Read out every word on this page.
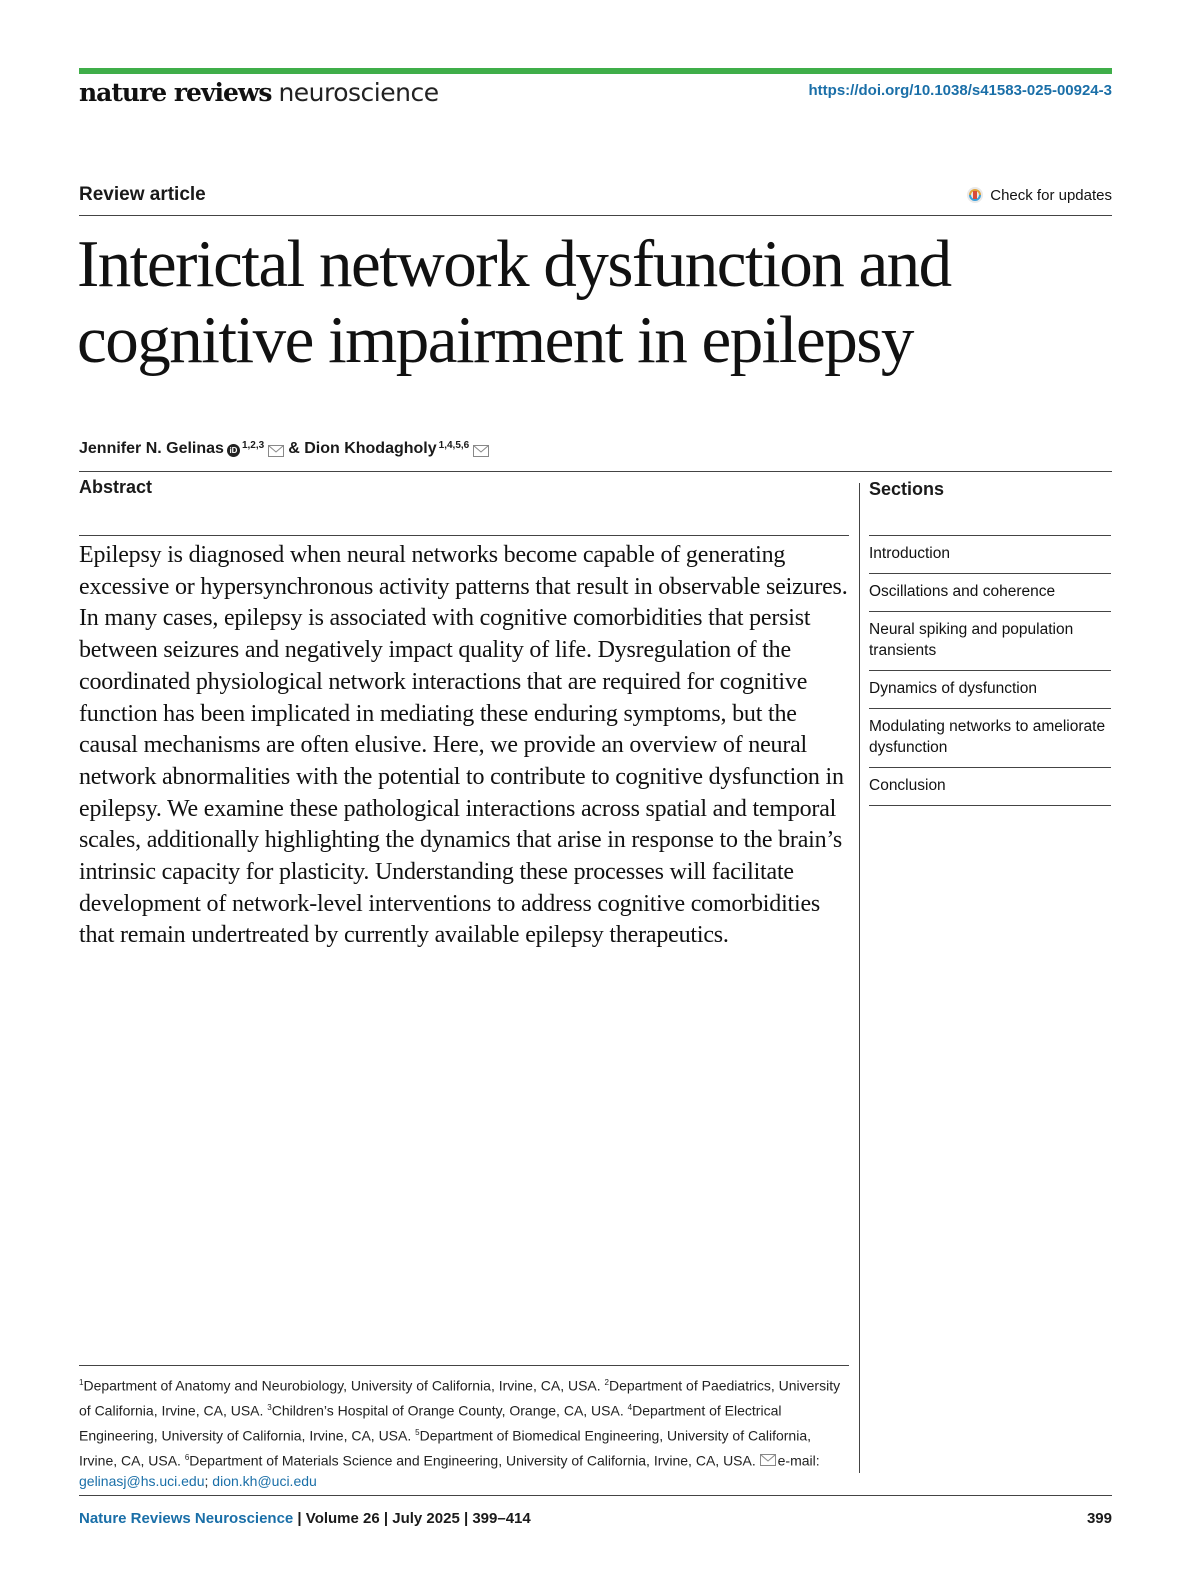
nature reviews neuroscience	https://doi.org/10.1038/s41583-025-00924-3
Review article	Check for updates
Interictal network dysfunction and cognitive impairment in epilepsy
Jennifer N. Gelinas iD $^{1,2,3}$ &
Dion Khodagholy$^{1,4,5,6}$
Abstract
Epilepsy is diagnosed when neural networks become capable of generating excessive or hypersynchronous activity patterns that result in observable seizures. In many cases, epilepsy is associated with cognitive comorbidities that persist between seizures and negatively impact quality of life. Dysregulation of the coordinated physiological network interactions that are required for cognitive function has been implicated in mediating these enduring symptoms, but the causal mechanisms are often elusive. Here, we provide an overview of neural network abnormalities with the potential to contribute to cognitive dysfunction in epilepsy. We examine these pathological interactions across spatial and temporal scales, additionally highlighting the dynamics that arise in response to the brain’s intrinsic capacity for plasticity. Understanding these processes will facilitate development of network-level interventions to address cognitive comorbidities that remain undertreated by currently available epilepsy therapeutics.
Sections
Introduction
Oscillations and coherence
Neural spiking and population transients
Dynamics of dysfunction
Modulating networks to ameliorate dysfunction
Conclusion
$^1$Department of Anatomy and Neurobiology, University of California, Irvine, CA, USA. $^2$Department of Paediatrics, University of California, Irvine, CA, USA. $^3$Children’s Hospital of Orange County, Orange, CA, USA. $^4$Department of Electrical Engineering, University of California, Irvine, CA, USA. $^5$Department of Biomedical Engineering, University of California, Irvine, CA, USA. $^6$Department of Materials Science and Engineering, University of California, Irvine, CA, USA. e-mail: gelinasj@hs.uci.edu; dion.kh@uci.edu
Nature Reviews Neuroscience | Volume 26 | July 2025 | 399–414	399
